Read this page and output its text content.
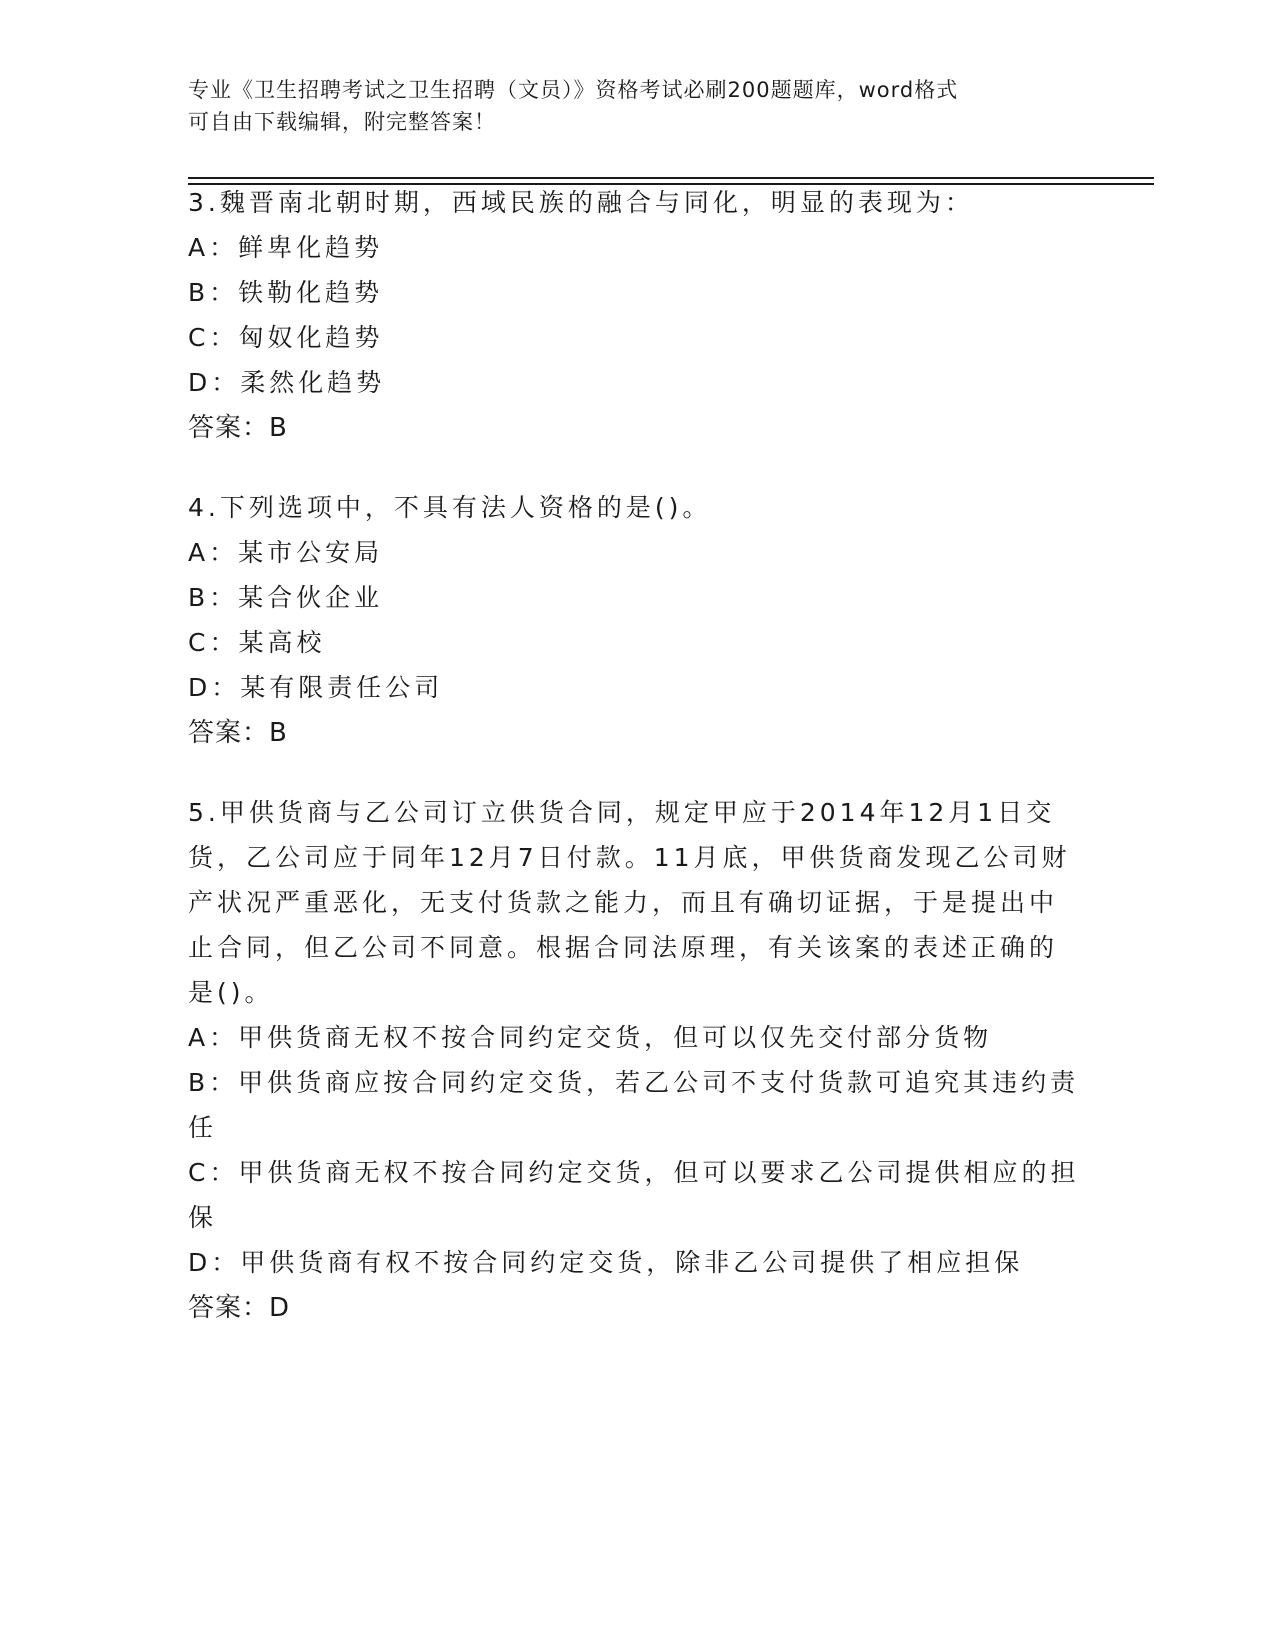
专业《卫生招聘考试之卫生招聘（文员）》资格考试必刷200题题库，word格式
可自由下载编辑，附完整答案！
3.魏晋南北朝时期，西域民族的融合与同化，明显的表现为：
A：鲜卑化趋势
B：铁勒化趋势
C：匈奴化趋势
D：柔然化趋势
答案：B
4.下列选项中，不具有法人资格的是()。
A：某市公安局
B：某合伙企业
C：某高校
D：某有限责任公司
答案：B
5.甲供货商与乙公司订立供货合同，规定甲应于2014年12月1日交
货，乙公司应于同年12月7日付款。11月底，甲供货商发现乙公司财
产状况严重恶化，无支付货款之能力，而且有确切证据，于是提出中
止合同，但乙公司不同意。根据合同法原理，有关该案的表述正确的
是()。
A：甲供货商无权不按合同约定交货，但可以仅先交付部分货物
B：甲供货商应按合同约定交货，若乙公司不支付货款可追究其违约责
任
C：甲供货商无权不按合同约定交货，但可以要求乙公司提供相应的担
保
D：甲供货商有权不按合同约定交货，除非乙公司提供了相应担保
答案：D
